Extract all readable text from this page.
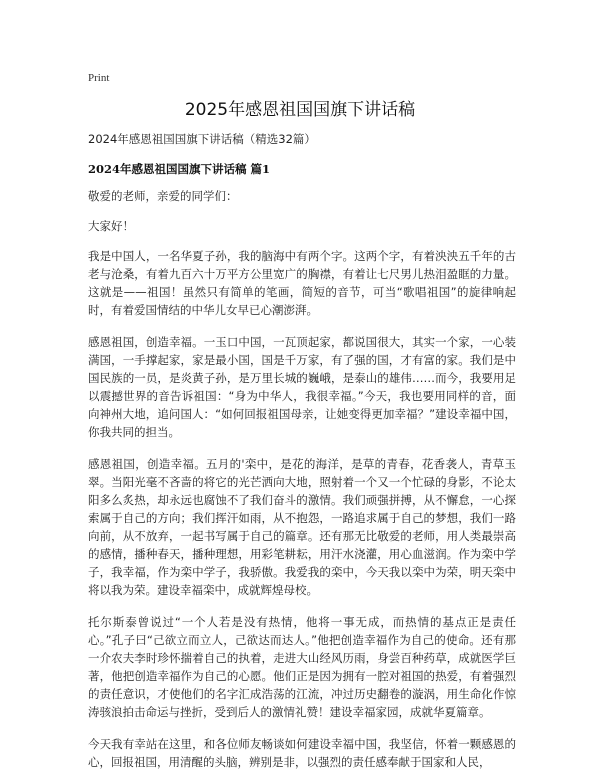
Print
2025年感恩祖国国旗下讲话稿
2024年感恩祖国国旗下讲话稿（精选32篇）
2024年感恩祖国国旗下讲话稿 篇1

敬爱的老师，亲爱的同学们：

大家好！

我是中国人，一名华夏子孙，我的脑海中有两个字。这两个字，有着泱泱五千年的古老与沧桑，有着九百六十万平方公里宽广的胸襟，有着让七尺男儿热泪盈眶的力量。这就是——祖国！虽然只有简单的笔画，简短的音节，可当“歌唱祖国”的旋律响起时，有着爱国情结的中华儿女早已心潮澎湃。

感恩祖国，创造幸福。一玉口中国，一瓦顶起家，都说国很大，其实一个家，一心装满国，一手撑起家，家是最小国，国是千万家，有了强的国，才有富的家。我们是中国民族的一员，是炎黄子孙，是万里长城的巍峨，是泰山的雄伟……而今，我要用足以震撼世界的音告诉祖国：“身为中华人，我很幸福。”今天，我也要用同样的音，面向神州大地，追问国人：“如何回报祖国母亲，让她变得更加幸福？”建设幸福中国，你我共同的担当。

感恩祖国，创造幸福。五月的'栾中，是花的海洋，是草的青春，花香袭人，青草玉翠。当阳光毫不吝啬的将它的光芒洒向大地，照射着一个又一个忙碌的身影，不论太阳多么炙热，却永远也腐蚀不了我们奋斗的激情。我们顽强拼搏，从不懈怠，一心探索属于自己的方向；我们挥汗如雨，从不抱怨，一路追求属于自己的梦想，我们一路向前，从不放弃，一起书写属于自己的篇章。还有那无比敬爱的老师，用人类最崇高的感情，播种春天，播种理想，用彩笔耕耘，用汗水浇灌，用心血滋润。作为栾中学子，我幸福，作为栾中学子，我骄傲。我爱我的栾中，今天我以栾中为荣，明天栾中将以我为荣。建设幸福栾中，成就辉煌母校。

托尔斯泰曾说过“一个人若是没有热情，他将一事无成，而热情的基点正是责任心。”孔子曰“己欲立而立人，己欲达而达人。”他把创造幸福作为自己的使命。还有那一介农夫李时珍怀揣着自己的执着，走进大山经风历雨，身尝百种药草，成就医学巨著，他把创造幸福作为自己的心愿。他们正是因为拥有一腔对祖国的热爱，有着强烈的责任意识，才使他们的名字汇成浩荡的江流，冲过历史翻卷的漩涡，用生命化作惊涛骇浪拍击命运与挫折，受到后人的激情礼赞！建设幸福家园，成就华夏篇章。

今天我有幸站在这里，和各位师友畅谈如何建设幸福中国，我坚信，怀着一颗感恩的心，回报祖国，用清醒的头脑，辨别是非，以强烈的责任感奉献于国家和人民，
